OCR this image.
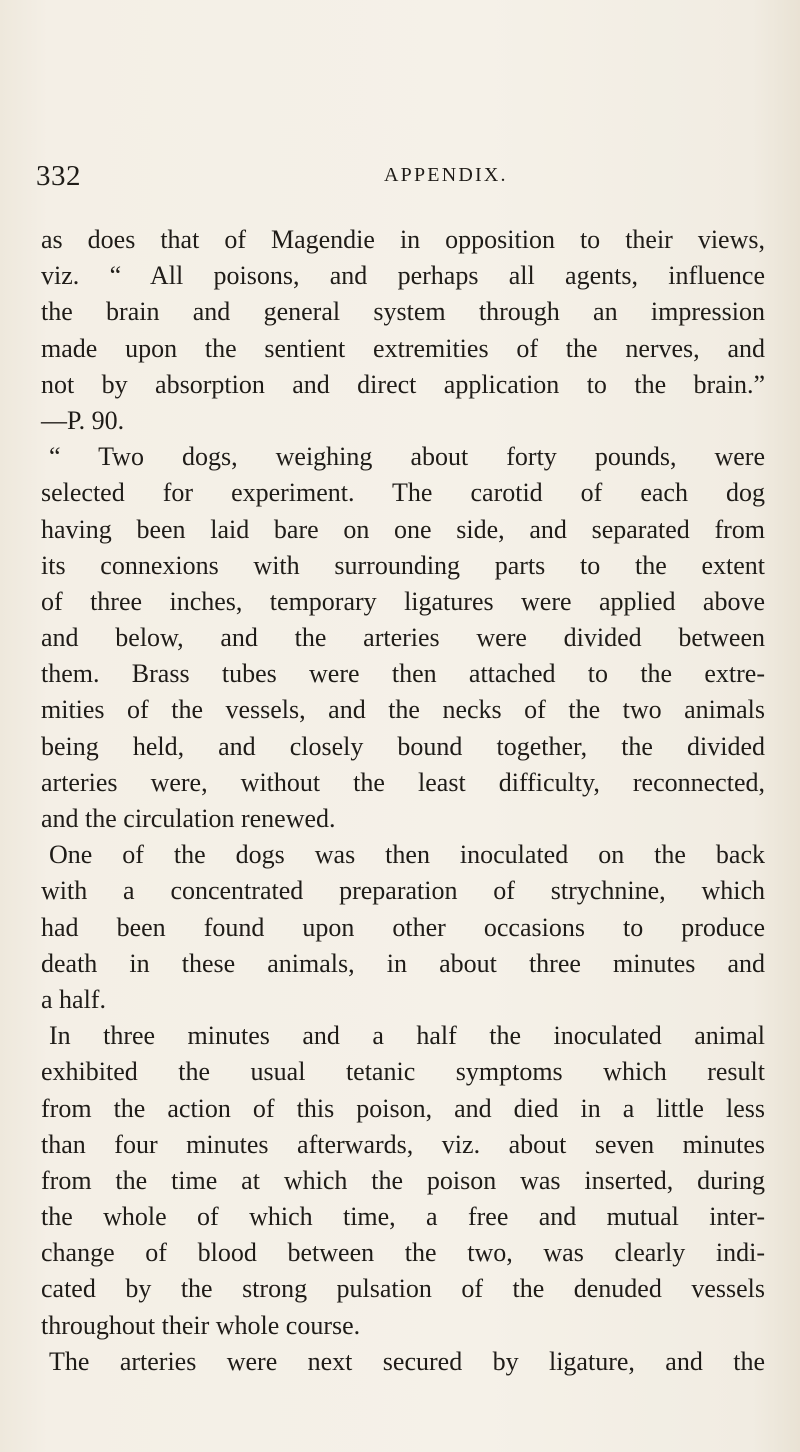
332	APPENDIX.
as does that of Magendie in opposition to their views,
viz. “ All poisons, and perhaps all agents, influence
the brain and general system through an impression
made upon the sentient extremities of the nerves, and
not by absorption and direct application to the brain.”
—P. 90.
“ Two dogs, weighing about forty pounds, were
selected for experiment. The carotid of each dog
having been laid bare on one side, and separated from
its connexions with surrounding parts to the extent
of three inches, temporary ligatures were applied above
and below, and the arteries were divided between
them. Brass tubes were then attached to the extre-
mities of the vessels, and the necks of the two animals
being held, and closely bound together, the divided
arteries were, without the least difficulty, reconnected,
and the circulation renewed.
One of the dogs was then inoculated on the back
with a concentrated preparation of strychnine, which
had been found upon other occasions to produce
death in these animals, in about three minutes and
a half.
In three minutes and a half the inoculated animal
exhibited the usual tetanic symptoms which result
from the action of this poison, and died in a little less
than four minutes afterwards, viz. about seven minutes
from the time at which the poison was inserted, during
the whole of which time, a free and mutual inter-
change of blood between the two, was clearly indi-
cated by the strong pulsation of the denuded vessels
throughout their whole course.
The arteries were next secured by ligature, and the
